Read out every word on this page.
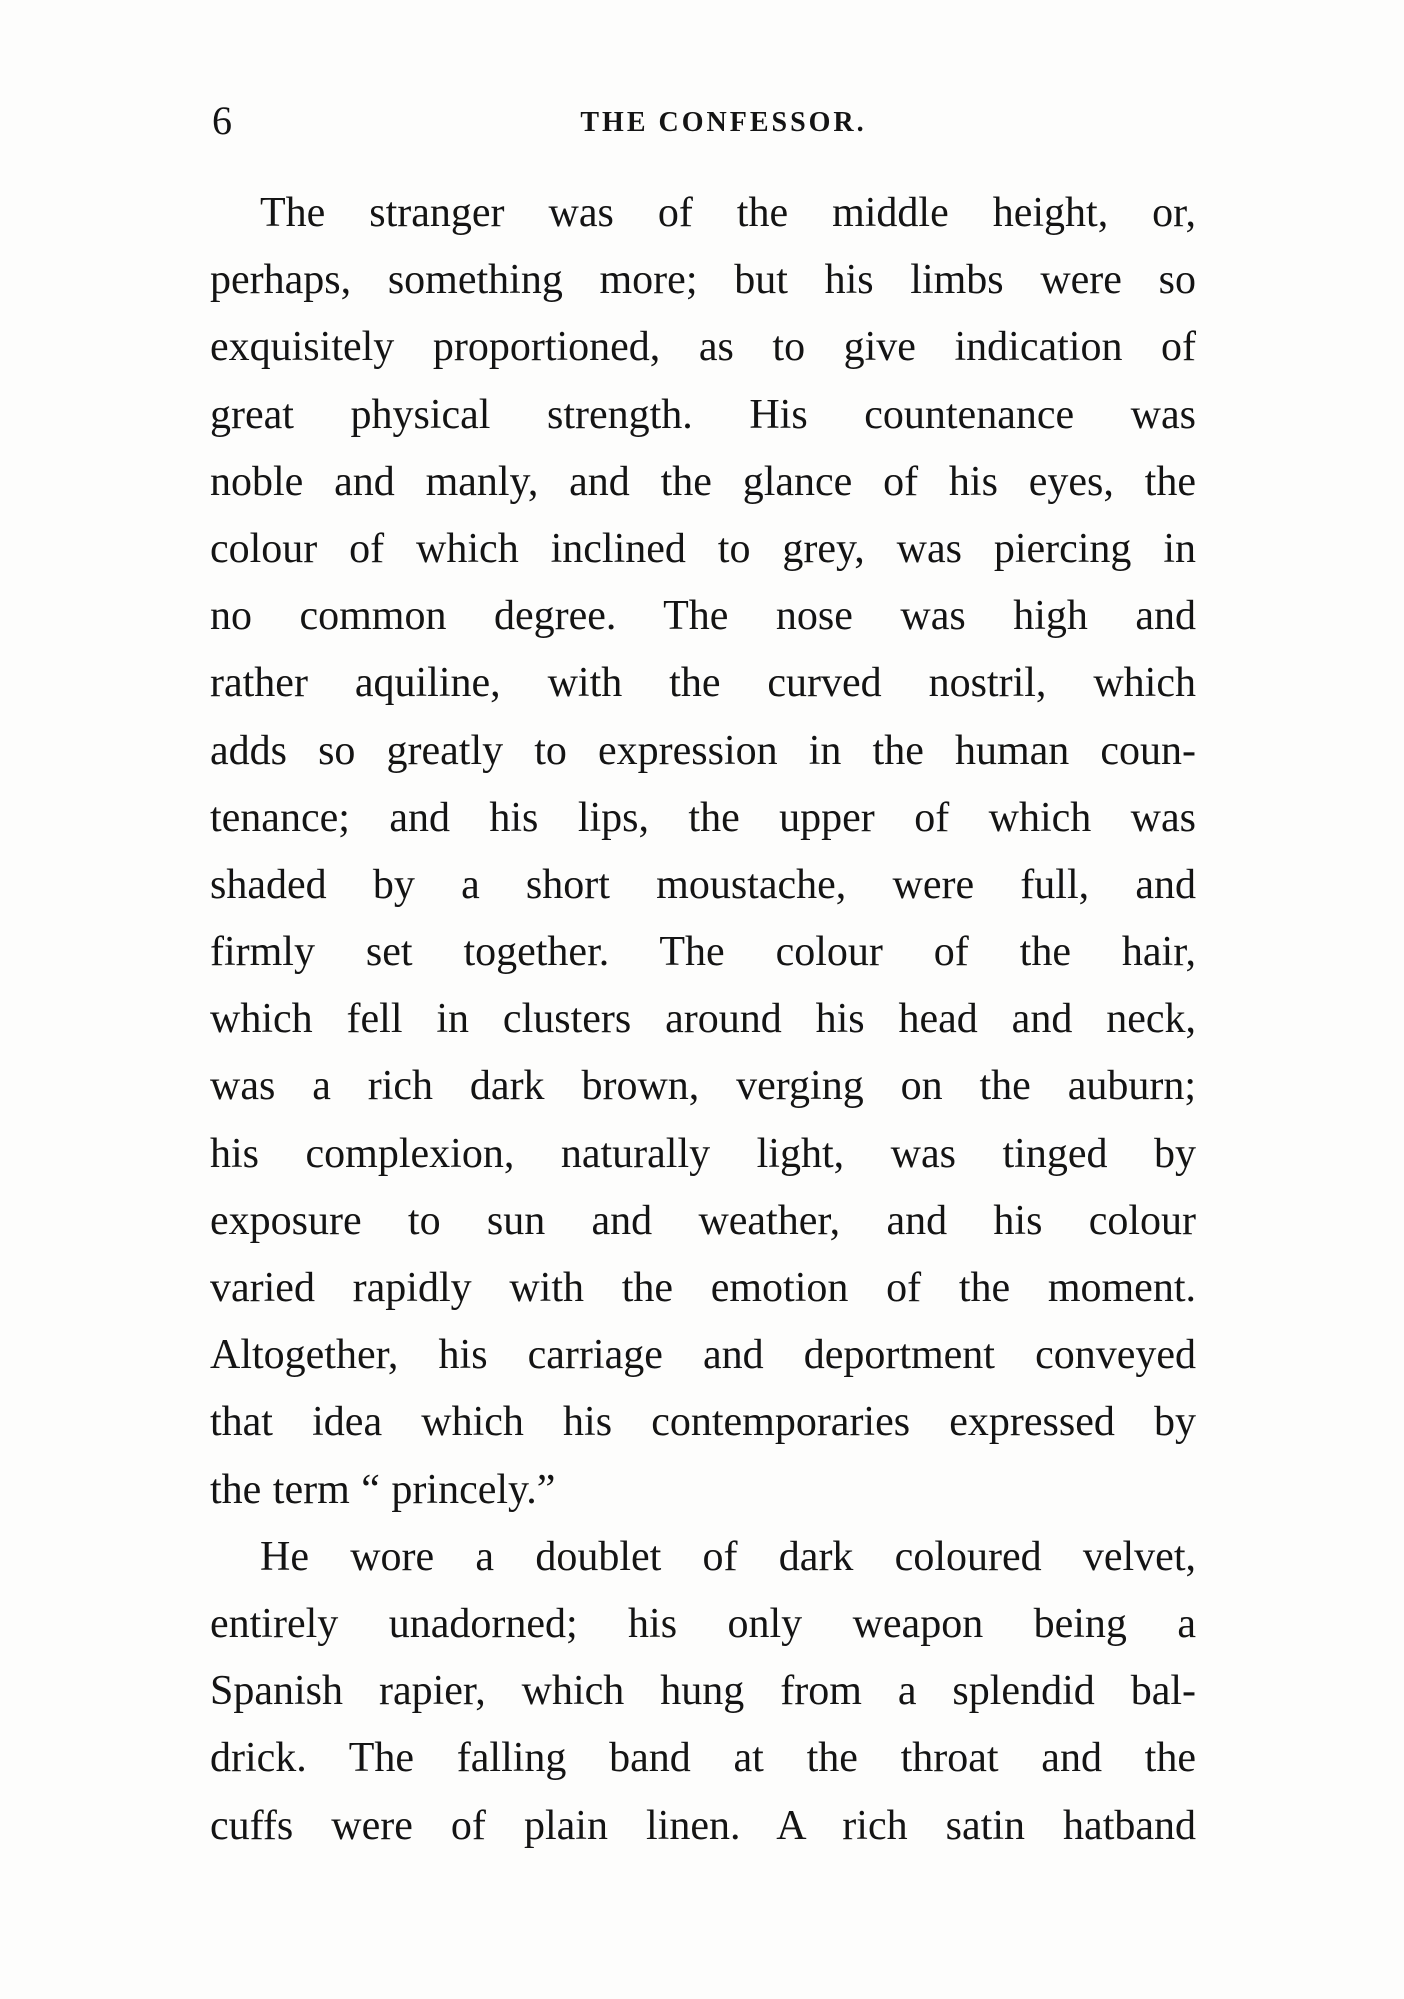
6	THE CONFESSOR.
The stranger was of the middle height, or,
perhaps, something more; but his limbs were so
exquisitely proportioned, as to give indication of
great physical strength. His countenance was
noble and manly, and the glance of his eyes, the
colour of which inclined to grey, was piercing in
no common degree. The nose was high and
rather aquiline, with the curved nostril, which
adds so greatly to expression in the human coun-
tenance; and his lips, the upper of which was
shaded by a short moustache, were full, and
firmly set together. The colour of the hair,
which fell in clusters around his head and neck,
was a rich dark brown, verging on the auburn;
his complexion, naturally light, was tinged by
exposure to sun and weather, and his colour
varied rapidly with the emotion of the moment.
Altogether, his carriage and deportment conveyed
that idea which his contemporaries expressed by
the term “ princely.”
He wore a doublet of dark coloured velvet,
entirely unadorned; his only weapon being a
Spanish rapier, which hung from a splendid bal-
drick. The falling band at the throat and the
cuffs were of plain linen. A rich satin hatband
